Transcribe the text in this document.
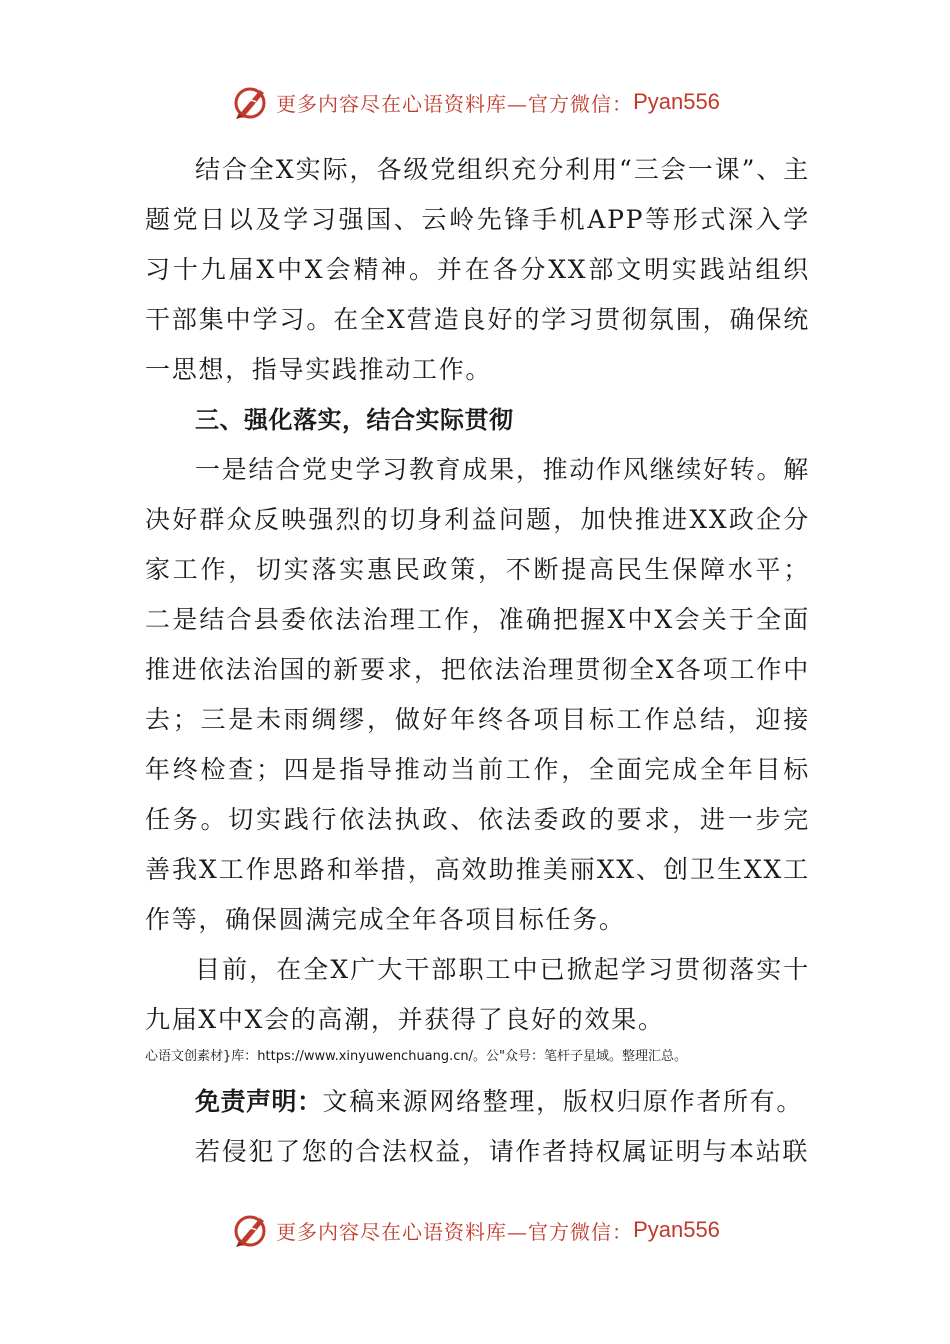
更多内容尽在心语资料库—官方微信： Pyan556

结合全X实际，各级党组织充分利用“三会一课”、主题党日以及学习强国、云岭先锋手机APP等形式深入学习十九届X中X会精神。并在各分XX部文明实践站组织干部集中学习。在全X营造良好的学习贯彻氛围，确保统一思想，指导实践推动工作。

三、强化落实，结合实际贯彻

一是结合党史学习教育成果，推动作风继续好转。解决好群众反映强烈的切身利益问题，加快推进XX政企分家工作，切实落实惠民政策，不断提高民生保障水平；二是结合县委依法治理工作，准确把握X中X会关于全面推进依法治国的新要求，把依法治理贯彻全X各项工作中去；三是未雨绸缪，做好年终各项目标工作总结，迎接年终检查；四是指导推动当前工作，全面完成全年目标任务。切实践行依法执政、依法委政的要求，进一步完善我X工作思路和举措，高效助推美丽XX、创卫生XX工作等，确保圆满完成全年各项目标任务。

目前，在全X广大干部职工中已掀起学习贯彻落实十九届X中X会的高潮，并获得了良好的效果。

心语文创素材}库：https://www.xinyuwenchuang.cn/。公"众号：笔杆子星域。整理汇总。

免责声明：文稿来源网络整理，版权归原作者所有。

若侵犯了您的合法权益，请作者持权属证明与本站联

更多内容尽在心语资料库—官方微信： Pyan556
